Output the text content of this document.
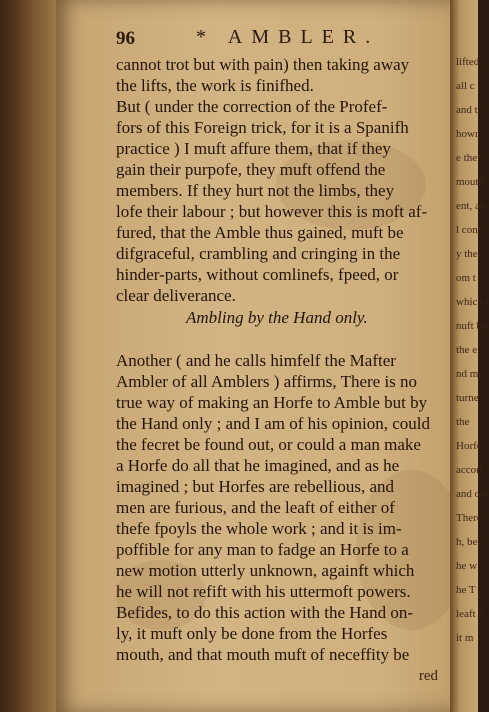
lifted
all c
and t
howr
e thef
mouth
ent, an
l conf
y the
om t
which i
nuft be
the e
nd mu
turne
the
Horfe
accou
and on
There
h, bec
he w
he T
leaft a
it m
96	* AMBLER.
cannot trot but with pain) then taking away
the lifts, the work is finifhed.
But ( under the correction of the Profef-
fors of this Foreign trick, for it is a Spanifh
practice ) I muft affure them, that if they
gain their purpofe, they muft offend the
members. If they hurt not the limbs, they
lofe their labour ; but however this is moft af-
fured, that the Amble thus gained, muft be
difgraceful, crambling and cringing in the
hinder-parts, without comlinefs, fpeed, or
clear deliverance.
Ambling by the Hand only.
Another ( and he calls himfelf the Mafter
Ambler of all Amblers ) affirms, There is no
true way of making an Horfe to Amble but by
the Hand only ; and I am of his opinion, could
the fecret be found out, or could a man make
a Horfe do all that he imagined, and as he
imagined ; but Horfes are rebellious, and
men are furious, and the leaft of either of
thefe fpoyls the whole work ; and it is im-
poffible for any man to fadge an Horfe to a
new motion utterly unknown, againft which
he will not refift with his uttermoft powers.
Befides, to do this action with the Hand on-
ly, it muft only be done from the Horfes
mouth, and that mouth muft of neceffity be
red
